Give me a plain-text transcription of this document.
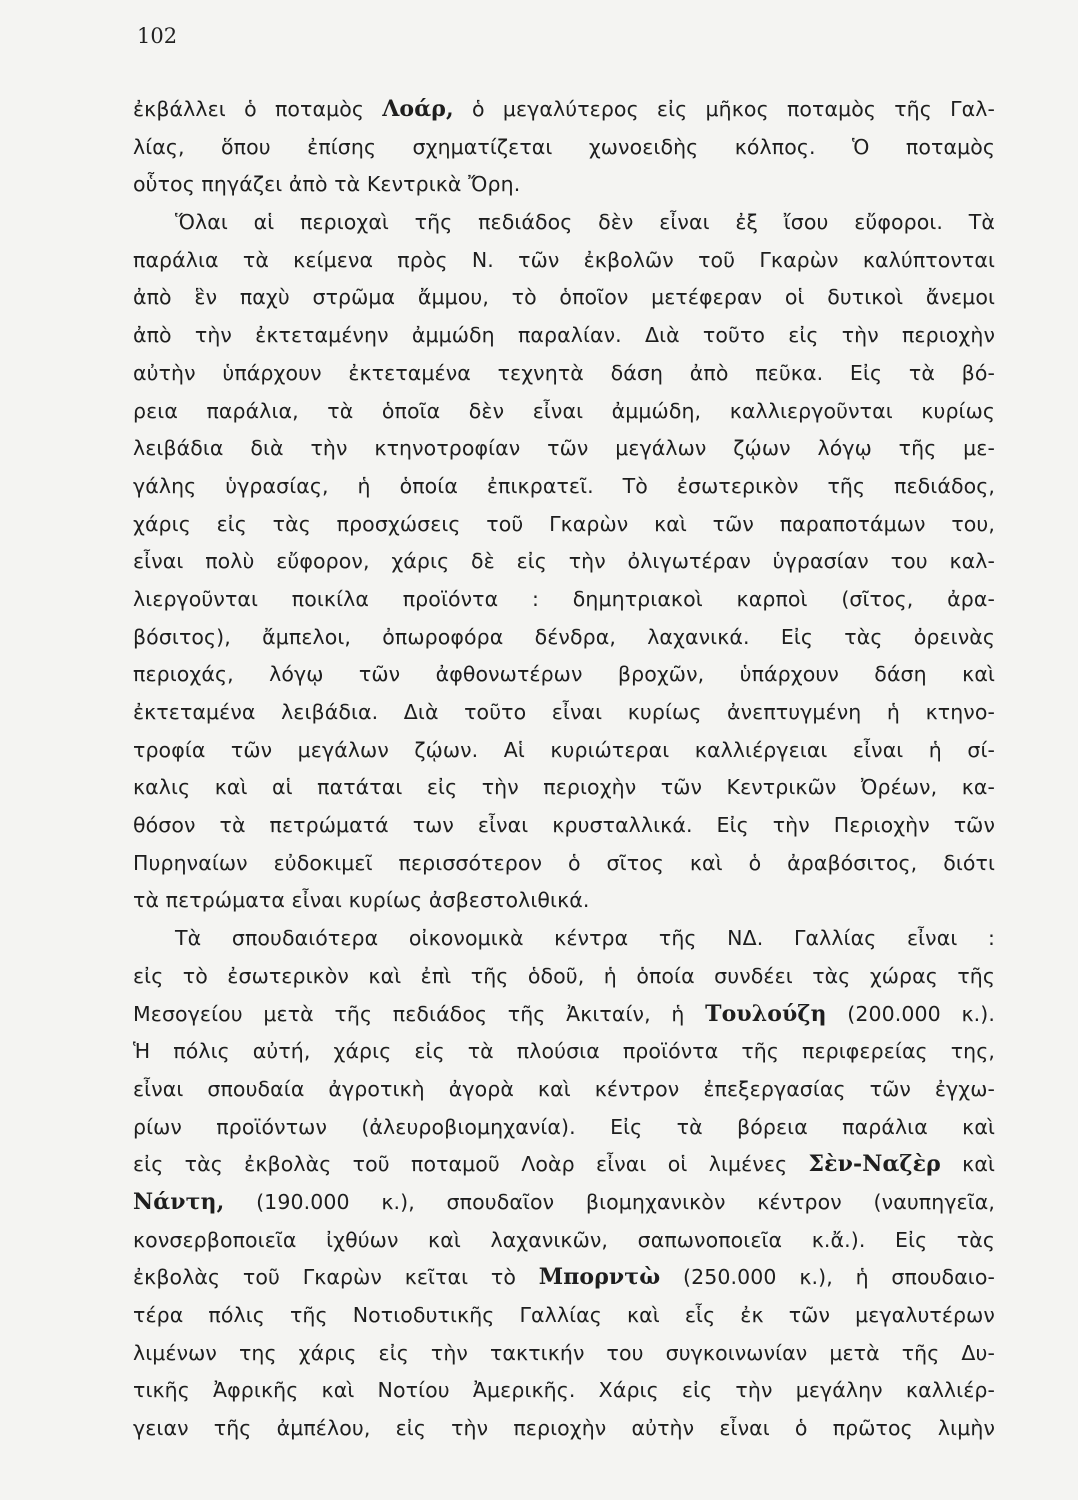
102
ἐκβάλλει ὁ ποταμὸς Λοάρ, ὁ μεγαλύτερος εἰς μῆκος ποταμὸς τῆς Γαλ-
λίας, ὅπου ἐπίσης σχηματίζεται χωνοειδὴς κόλπος. Ὁ ποταμὸς
οὗτος πηγάζει ἀπὸ τὰ Κεντρικὰ Ὄρη.
Ὅλαι αἱ περιοχαὶ τῆς πεδιάδος δὲν εἶναι ἐξ ἴσου εὔφοροι. Τὰ
παράλια τὰ κείμενα πρὸς Ν. τῶν ἐκβολῶν τοῦ Γκαρὼν καλύπτονται
ἀπὸ ἓν παχὺ στρῶμα ἄμμου, τὸ ὁποῖον μετέφεραν οἱ δυτικοὶ ἄνεμοι
ἀπὸ τὴν ἐκτεταμένην ἀμμώδη παραλίαν. Διὰ τοῦτο εἰς τὴν περιοχὴν
αὐτὴν ὑπάρχουν ἐκτεταμένα τεχνητὰ δάση ἀπὸ πεῦκα. Εἰς τὰ βό-
ρεια παράλια, τὰ ὁποῖα δὲν εἶναι ἀμμώδη, καλλιεργοῦνται κυρίως
λειβάδια διὰ τὴν κτηνοτροφίαν τῶν μεγάλων ζῴων λόγῳ τῆς με-
γάλης ὑγρασίας, ἡ ὁποία ἐπικρατεῖ. Τὸ ἐσωτερικὸν τῆς πεδιάδος,
χάρις εἰς τὰς προσχώσεις τοῦ Γκαρὼν καὶ τῶν παραποτάμων του,
εἶναι πολὺ εὔφορον, χάρις δὲ εἰς τὴν ὀλιγωτέραν ὑγρασίαν του καλ-
λιεργοῦνται ποικίλα προϊόντα : δημητριακοὶ καρποὶ (σῖτος, ἀρα-
βόσιτος), ἄμπελοι, ὀπωροφόρα δένδρα, λαχανικά. Εἰς τὰς ὀρεινὰς
περιοχάς, λόγῳ τῶν ἀφθονωτέρων βροχῶν, ὑπάρχουν δάση καὶ
ἐκτεταμένα λειβάδια. Διὰ τοῦτο εἶναι κυρίως ἀνεπτυγμένη ἡ κτηνο-
τροφία τῶν μεγάλων ζῴων. Αἱ κυριώτεραι καλλιέργειαι εἶναι ἡ σί-
καλις καὶ αἱ πατάται εἰς τὴν περιοχὴν τῶν Κεντρικῶν Ὀρέων, κα-
θόσον τὰ πετρώματά των εἶναι κρυσταλλικά. Εἰς τὴν Περιοχὴν τῶν
Πυρηναίων εὐδοκιμεῖ περισσότερον ὁ σῖτος καὶ ὁ ἀραβόσιτος, διότι
τὰ πετρώματα εἶναι κυρίως ἀσβεστολιθικά.
Τὰ σπουδαιότερα οἰκονομικὰ κέντρα τῆς ΝΔ. Γαλλίας εἶναι :
εἰς τὸ ἐσωτερικὸν καὶ ἐπὶ τῆς ὁδοῦ, ἡ ὁποία συνδέει τὰς χώρας τῆς
Μεσογείου μετὰ τῆς πεδιάδος τῆς Ἀκιταίν, ἡ Τουλούζη (200.000 κ.).
Ἡ πόλις αὐτή, χάρις εἰς τὰ πλούσια προϊόντα τῆς περιφερείας της,
εἶναι σπουδαία ἀγροτικὴ ἀγορὰ καὶ κέντρον ἐπεξεργασίας τῶν ἐγχω-
ρίων προϊόντων (ἀλευροβιομηχανία). Εἰς τὰ βόρεια παράλια καὶ
εἰς τὰς ἐκβολὰς τοῦ ποταμοῦ Λοὰρ εἶναι οἱ λιμένες Σὲν-Ναζὲρ καὶ
Νάντη, (190.000 κ.), σπουδαῖον βιομηχανικὸν κέντρον (ναυπηγεῖα,
κονσερβοποιεῖα ἰχθύων καὶ λαχανικῶν, σαπωνοποιεῖα κ.ἄ.). Εἰς τὰς
ἐκβολὰς τοῦ Γκαρὼν κεῖται τὸ Μπορντὼ (250.000 κ.), ἡ σπουδαιο-
τέρα πόλις τῆς Νοτιοδυτικῆς Γαλλίας καὶ εἷς ἐκ τῶν μεγαλυτέρων
λιμένων της χάρις εἰς τὴν τακτικήν του συγκοινωνίαν μετὰ τῆς Δυ-
τικῆς Ἀφρικῆς καὶ Νοτίου Ἀμερικῆς. Χάρις εἰς τὴν μεγάλην καλλιέρ-
γειαν τῆς ἀμπέλου, εἰς τὴν περιοχὴν αὐτὴν εἶναι ὁ πρῶτος λιμὴν
